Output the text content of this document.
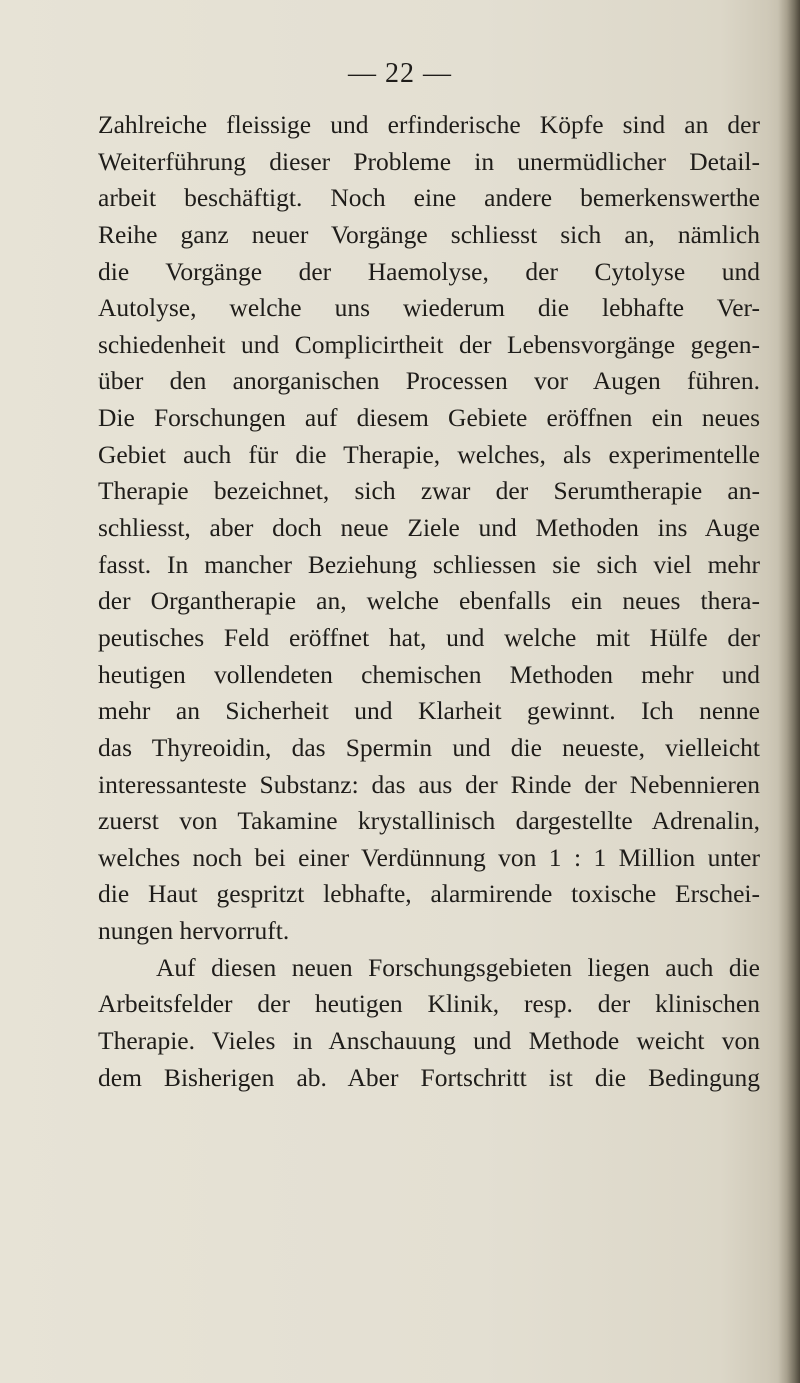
— 22 —
Zahlreiche fleissige und erfinderische Köpfe sind an der
Weiterführung dieser Probleme in unermüdlicher Detail-
arbeit beschäftigt. Noch eine andere bemerkenswerthe
Reihe ganz neuer Vorgänge schliesst sich an, nämlich
die Vorgänge der Haemolyse, der Cytolyse und
Autolyse, welche uns wiederum die lebhafte Ver-
schiedenheit und Complicirtheit der Lebensvorgänge gegen-
über den anorganischen Processen vor Augen führen.
Die Forschungen auf diesem Gebiete eröffnen ein neues
Gebiet auch für die Therapie, welches, als experimentelle
Therapie bezeichnet, sich zwar der Serumtherapie an-
schliesst, aber doch neue Ziele und Methoden ins Auge
fasst. In mancher Beziehung schliessen sie sich viel mehr
der Organtherapie an, welche ebenfalls ein neues thera-
peutisches Feld eröffnet hat, und welche mit Hülfe der
heutigen vollendeten chemischen Methoden mehr und
mehr an Sicherheit und Klarheit gewinnt. Ich nenne
das Thyreoidin, das Spermin und die neueste, vielleicht
interessanteste Substanz: das aus der Rinde der Nebennieren
zuerst von Takamine krystallinisch dargestellte Adrenalin,
welches noch bei einer Verdünnung von 1 : 1 Million unter
die Haut gespritzt lebhafte, alarmirende toxische Erschei-
nungen hervorruft.
Auf diesen neuen Forschungsgebieten liegen auch die
Arbeitsfelder der heutigen Klinik, resp. der klinischen
Therapie. Vieles in Anschauung und Methode weicht von
dem Bisherigen ab. Aber Fortschritt ist die Bedingung
